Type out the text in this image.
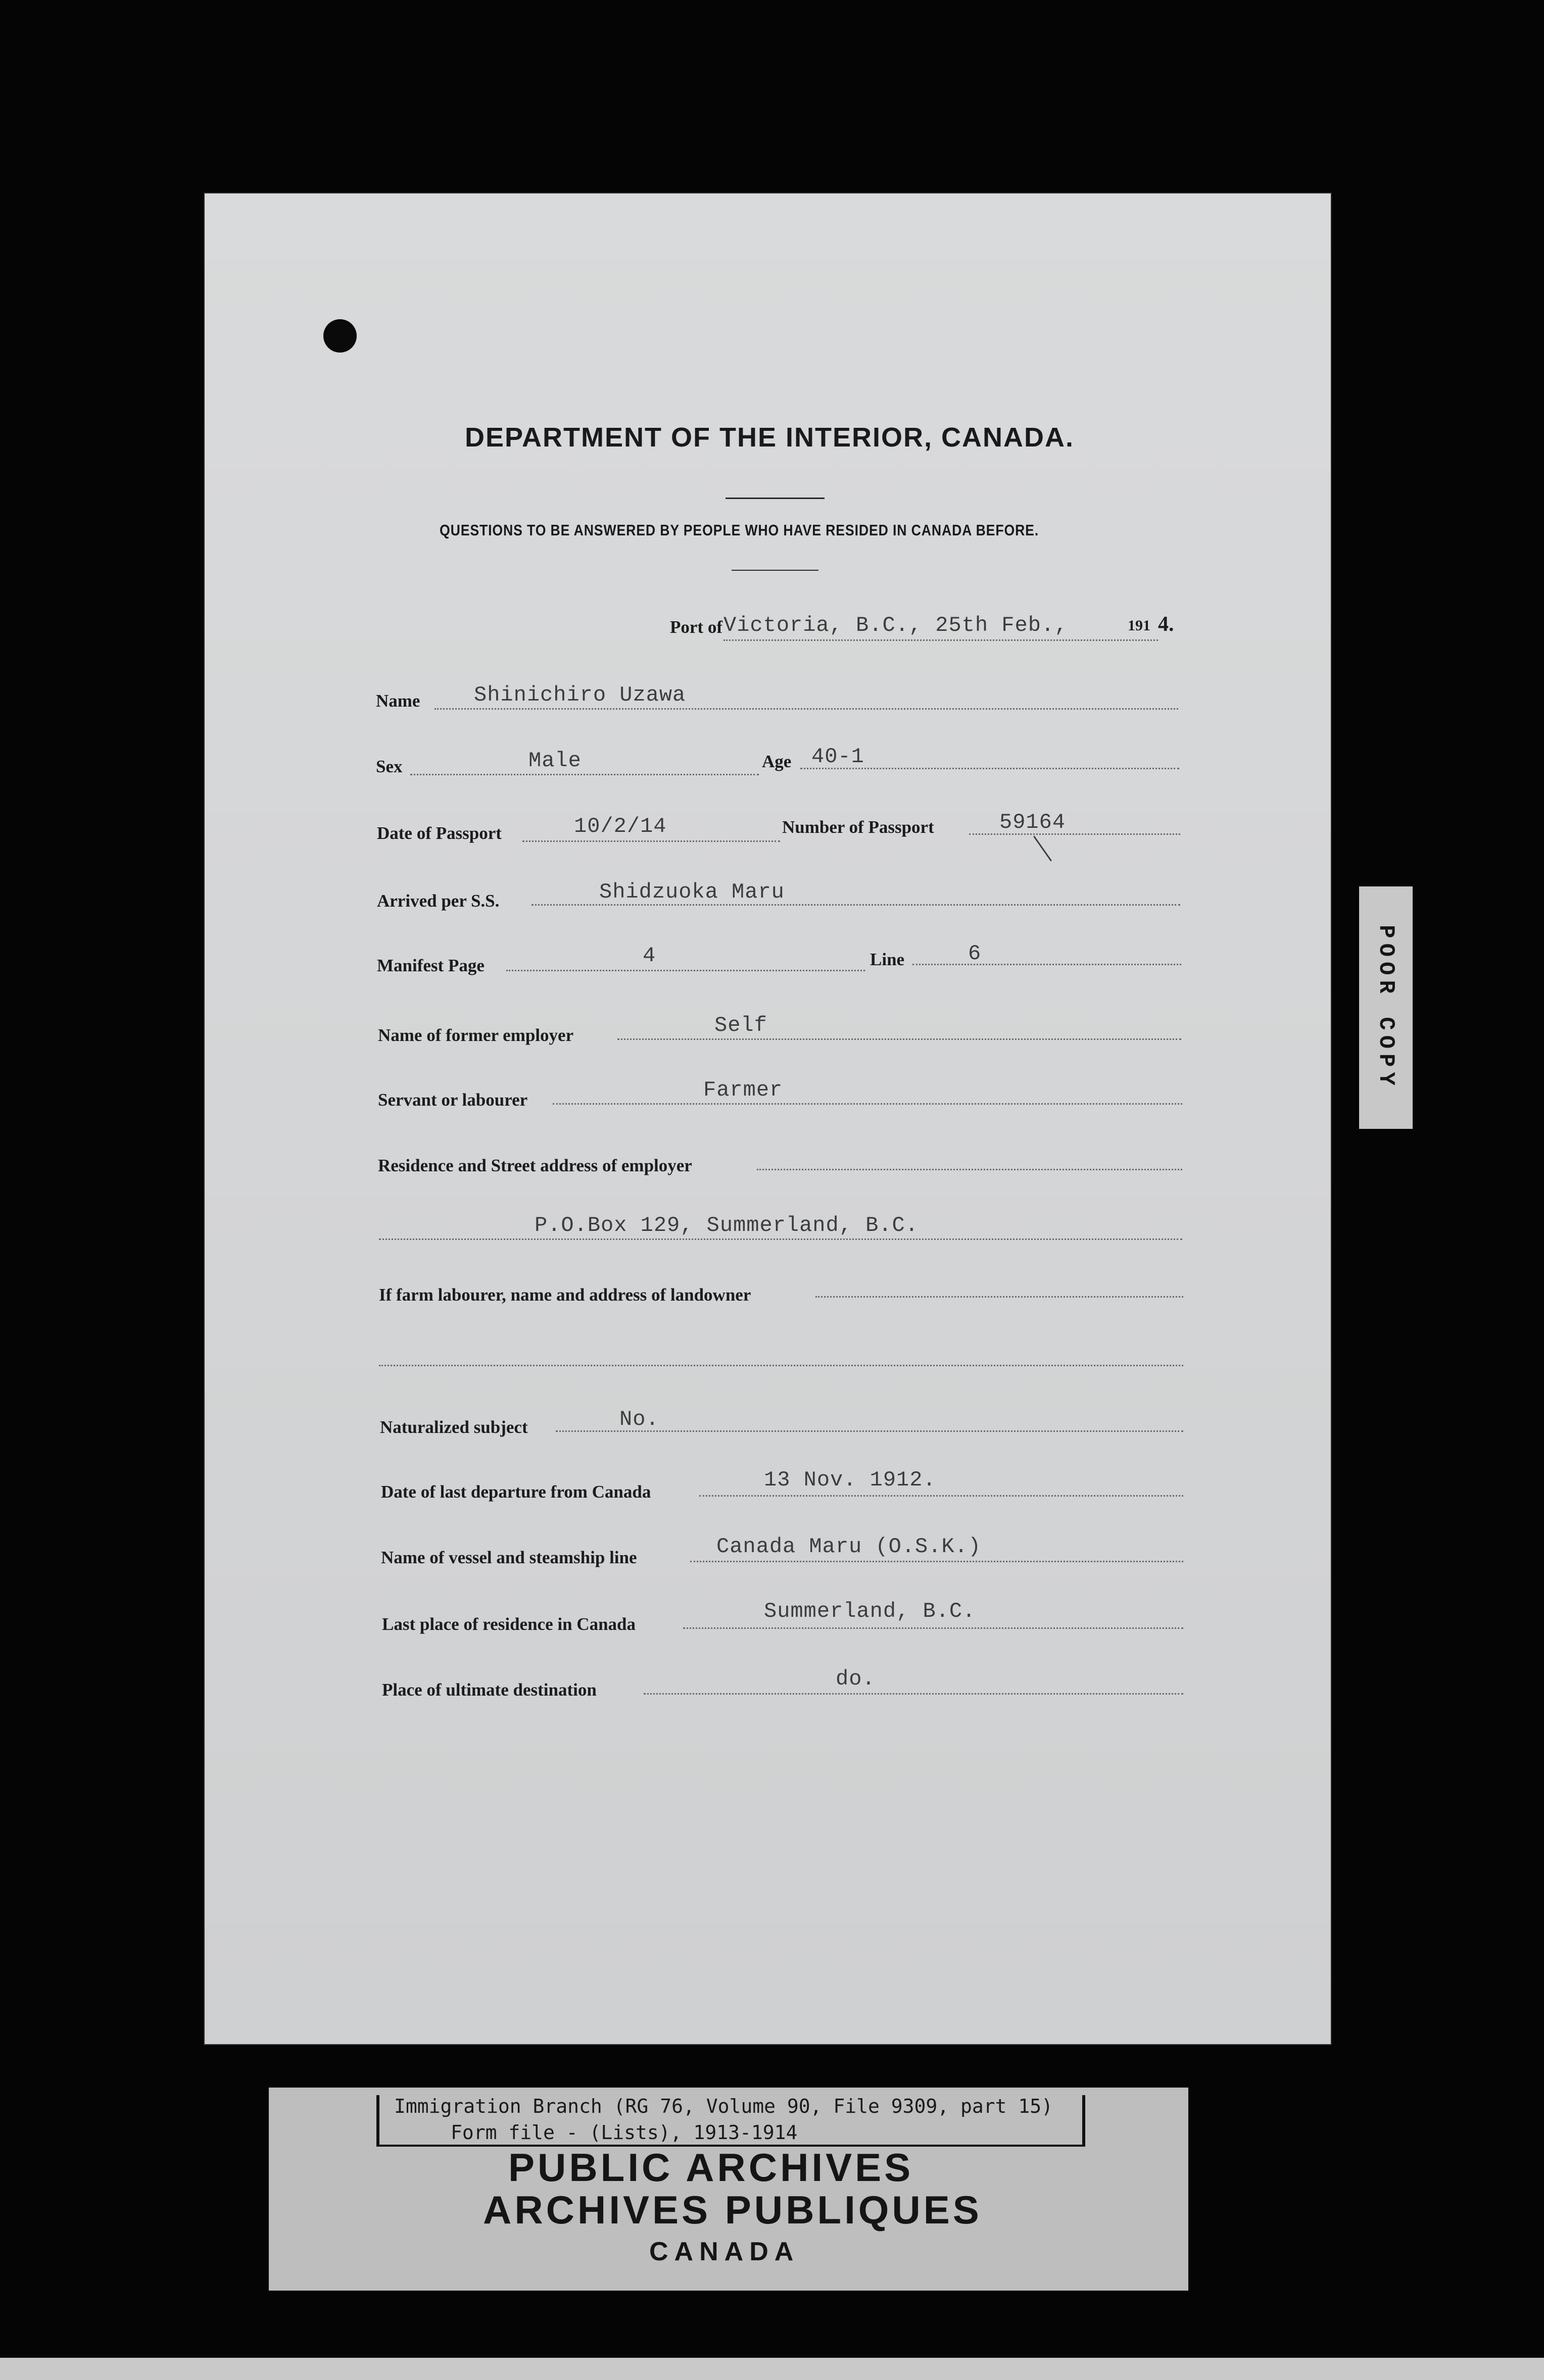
DEPARTMENT OF THE INTERIOR, CANADA.
QUESTIONS TO BE ANSWERED BY PEOPLE WHO HAVE RESIDED IN CANADA BEFORE.
Port of Victoria, B.C., 25th Feb.,	191 4.
Name	Shinichiro Uzawa
Sex	Male	Age 40-1
Date of Passport	10/2/14	Number of Passport	59164
Arrived per S.S.	Shidzuoka Maru
Manifest Page	4	Line	6
Name of former employer	Self
Servant or labourer	Farmer
Residence and Street address of employer
P.O.Box 129, Summerland, B.C.
If farm labourer, name and address of landowner
Naturalized subject	No.
Date of last departure from Canada	13 Nov. 1912.
Name of vessel and steamship line	Canada Maru (O.S.K.)
Last place of residence in Canada
Summerland, B.C.
Place of ultimate destination	do.
POOR COPY
Immigration Branch (RG 76, Volume 90, File 9309, part 15)
Form file - (Lists), 1913-1914
PUBLIC ARCHIVES
ARCHIVES PUBLIQUES
CANADA
